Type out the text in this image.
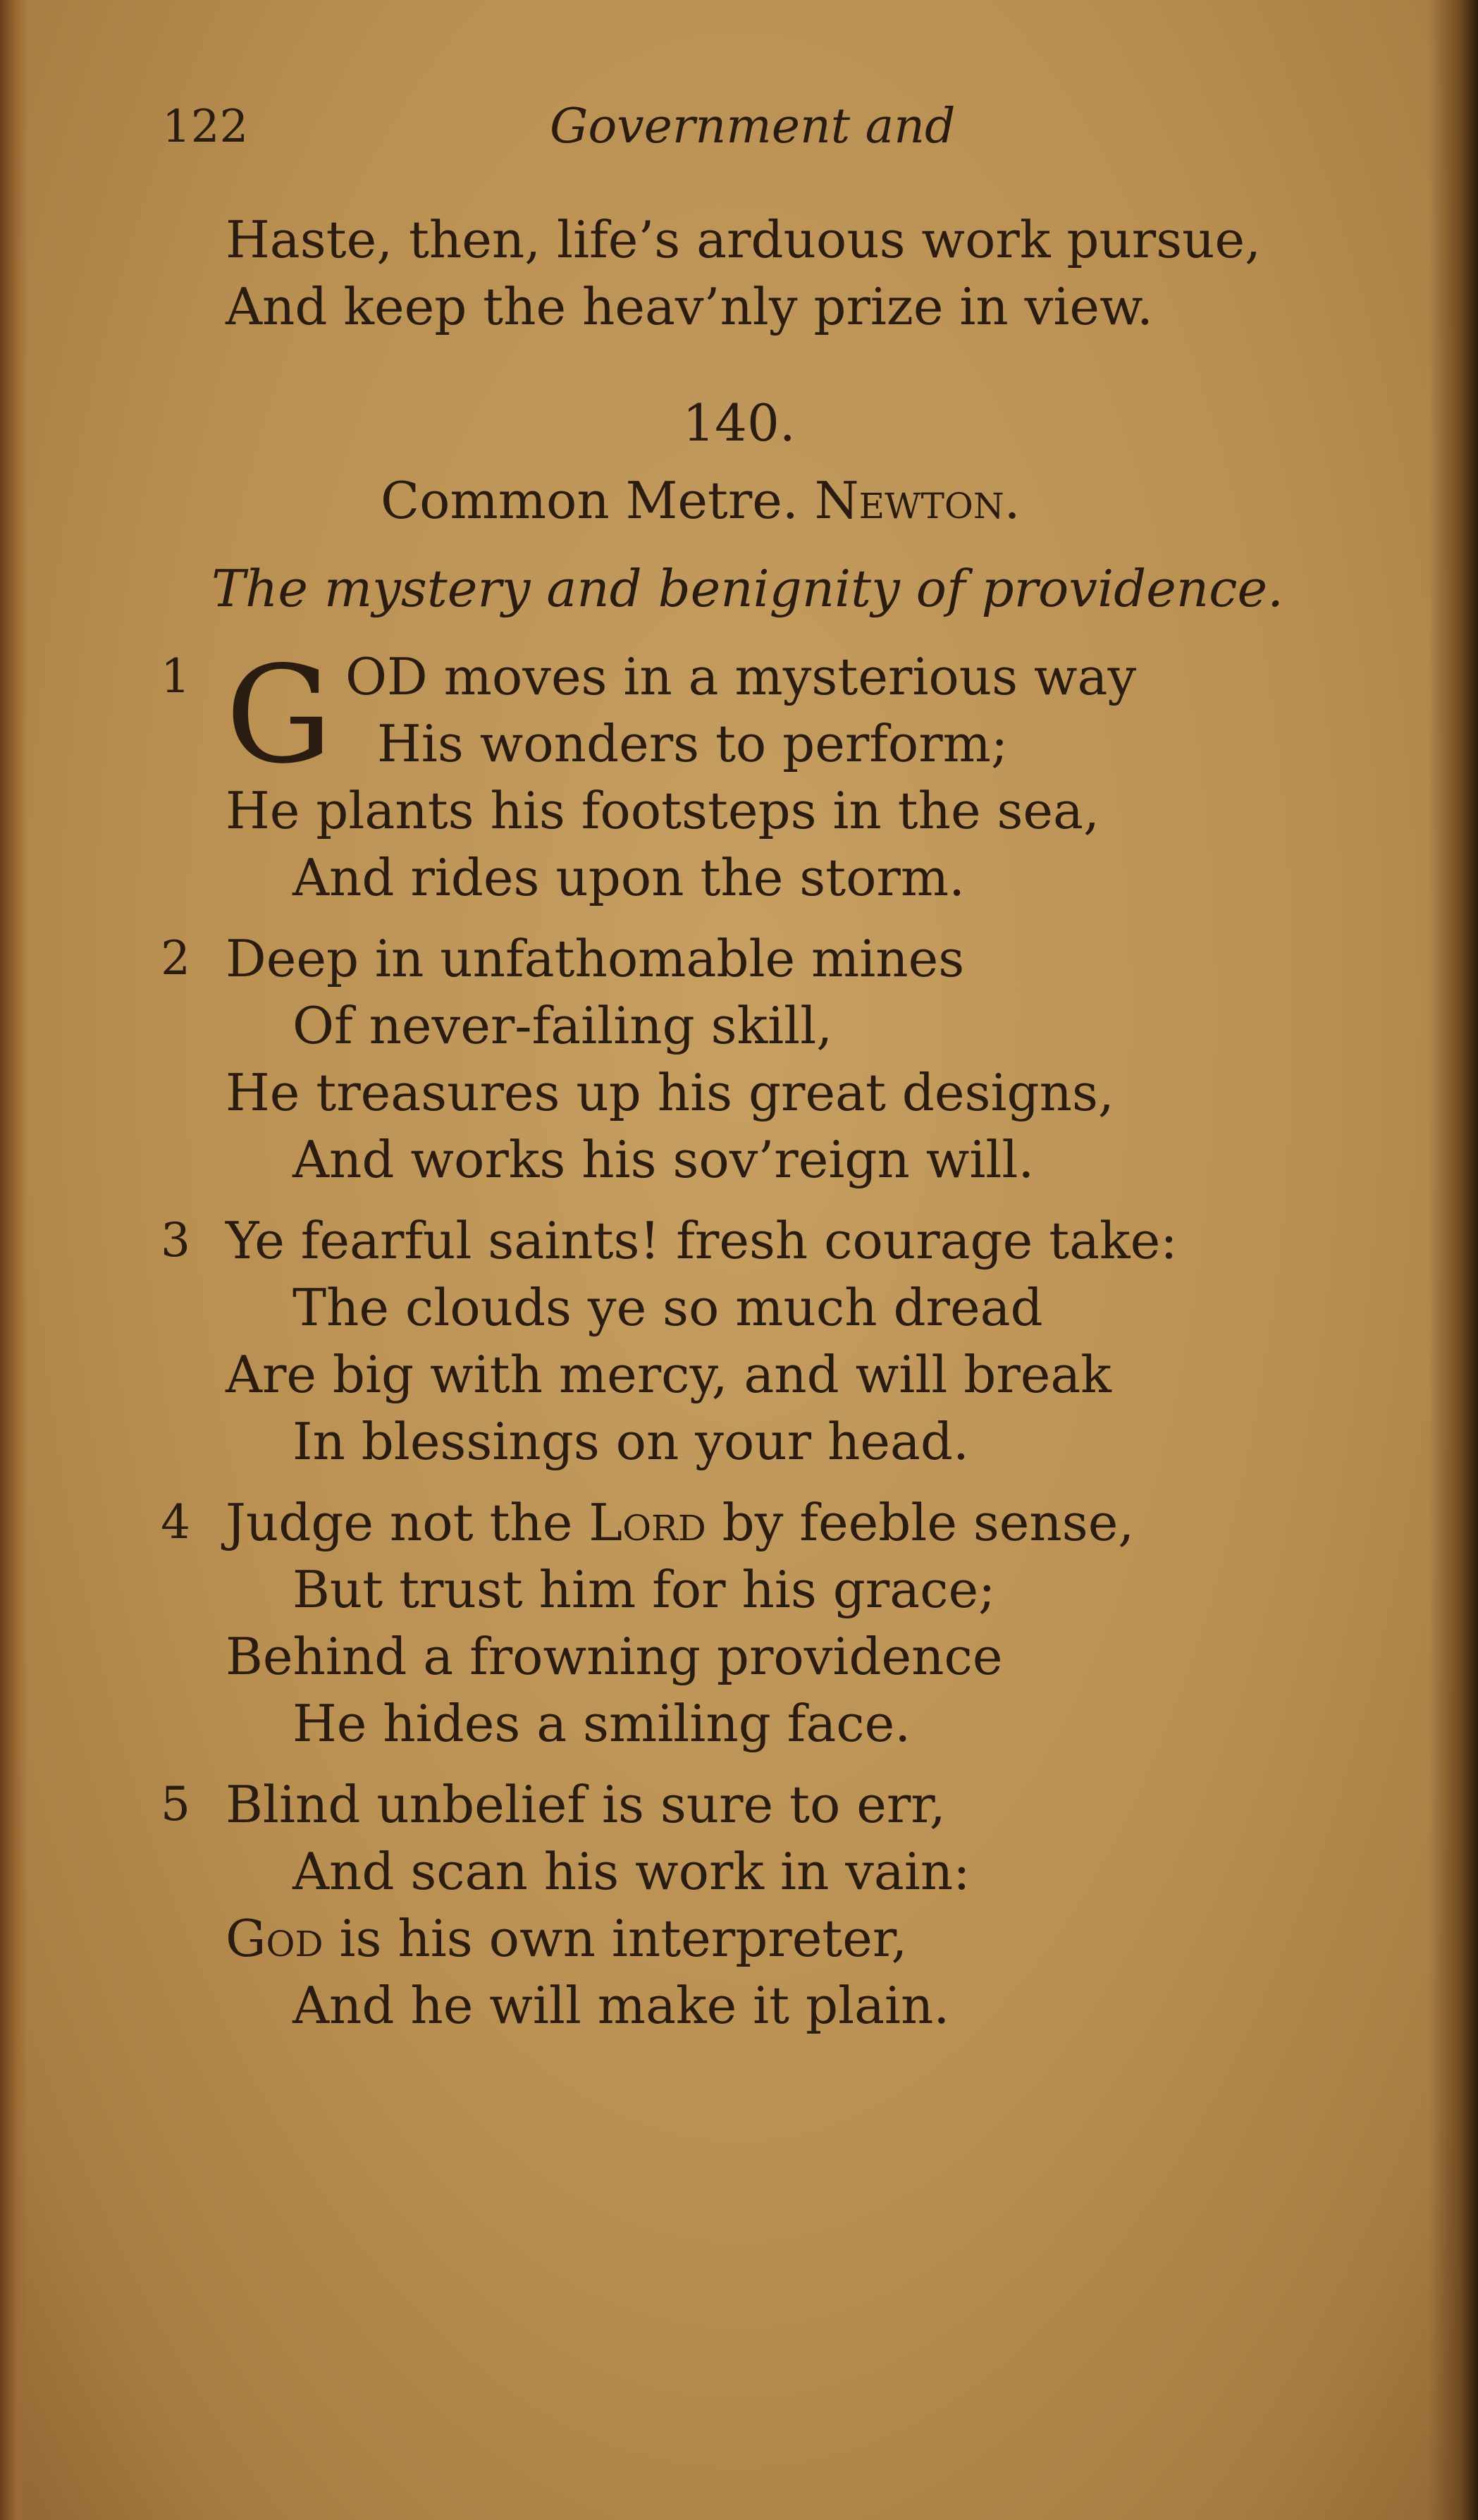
122	Government and
Haste, then, life’s arduous work pursue,
And keep the heav’nly prize in view.
140.
Common Metre. Newton.
The mystery and benignity of providence.
1 G OD moves in a mysterious way
His wonders to perform;
He plants his footsteps in the sea,
And rides upon the storm.
2 Deep in unfathomable mines
Of never-failing skill,
He treasures up his great designs,
And works his sov’reign will.
3 Ye fearful saints! fresh courage take:
The clouds ye so much dread
Are big with mercy, and will break
In blessings on your head.
4 Judge not the Lord by feeble sense,
But trust him for his grace;
Behind a frowning providence
He hides a smiling face.
5 Blind unbelief is sure to err,
And scan his work in vain:
God is his own interpreter,
And he will make it plain.
